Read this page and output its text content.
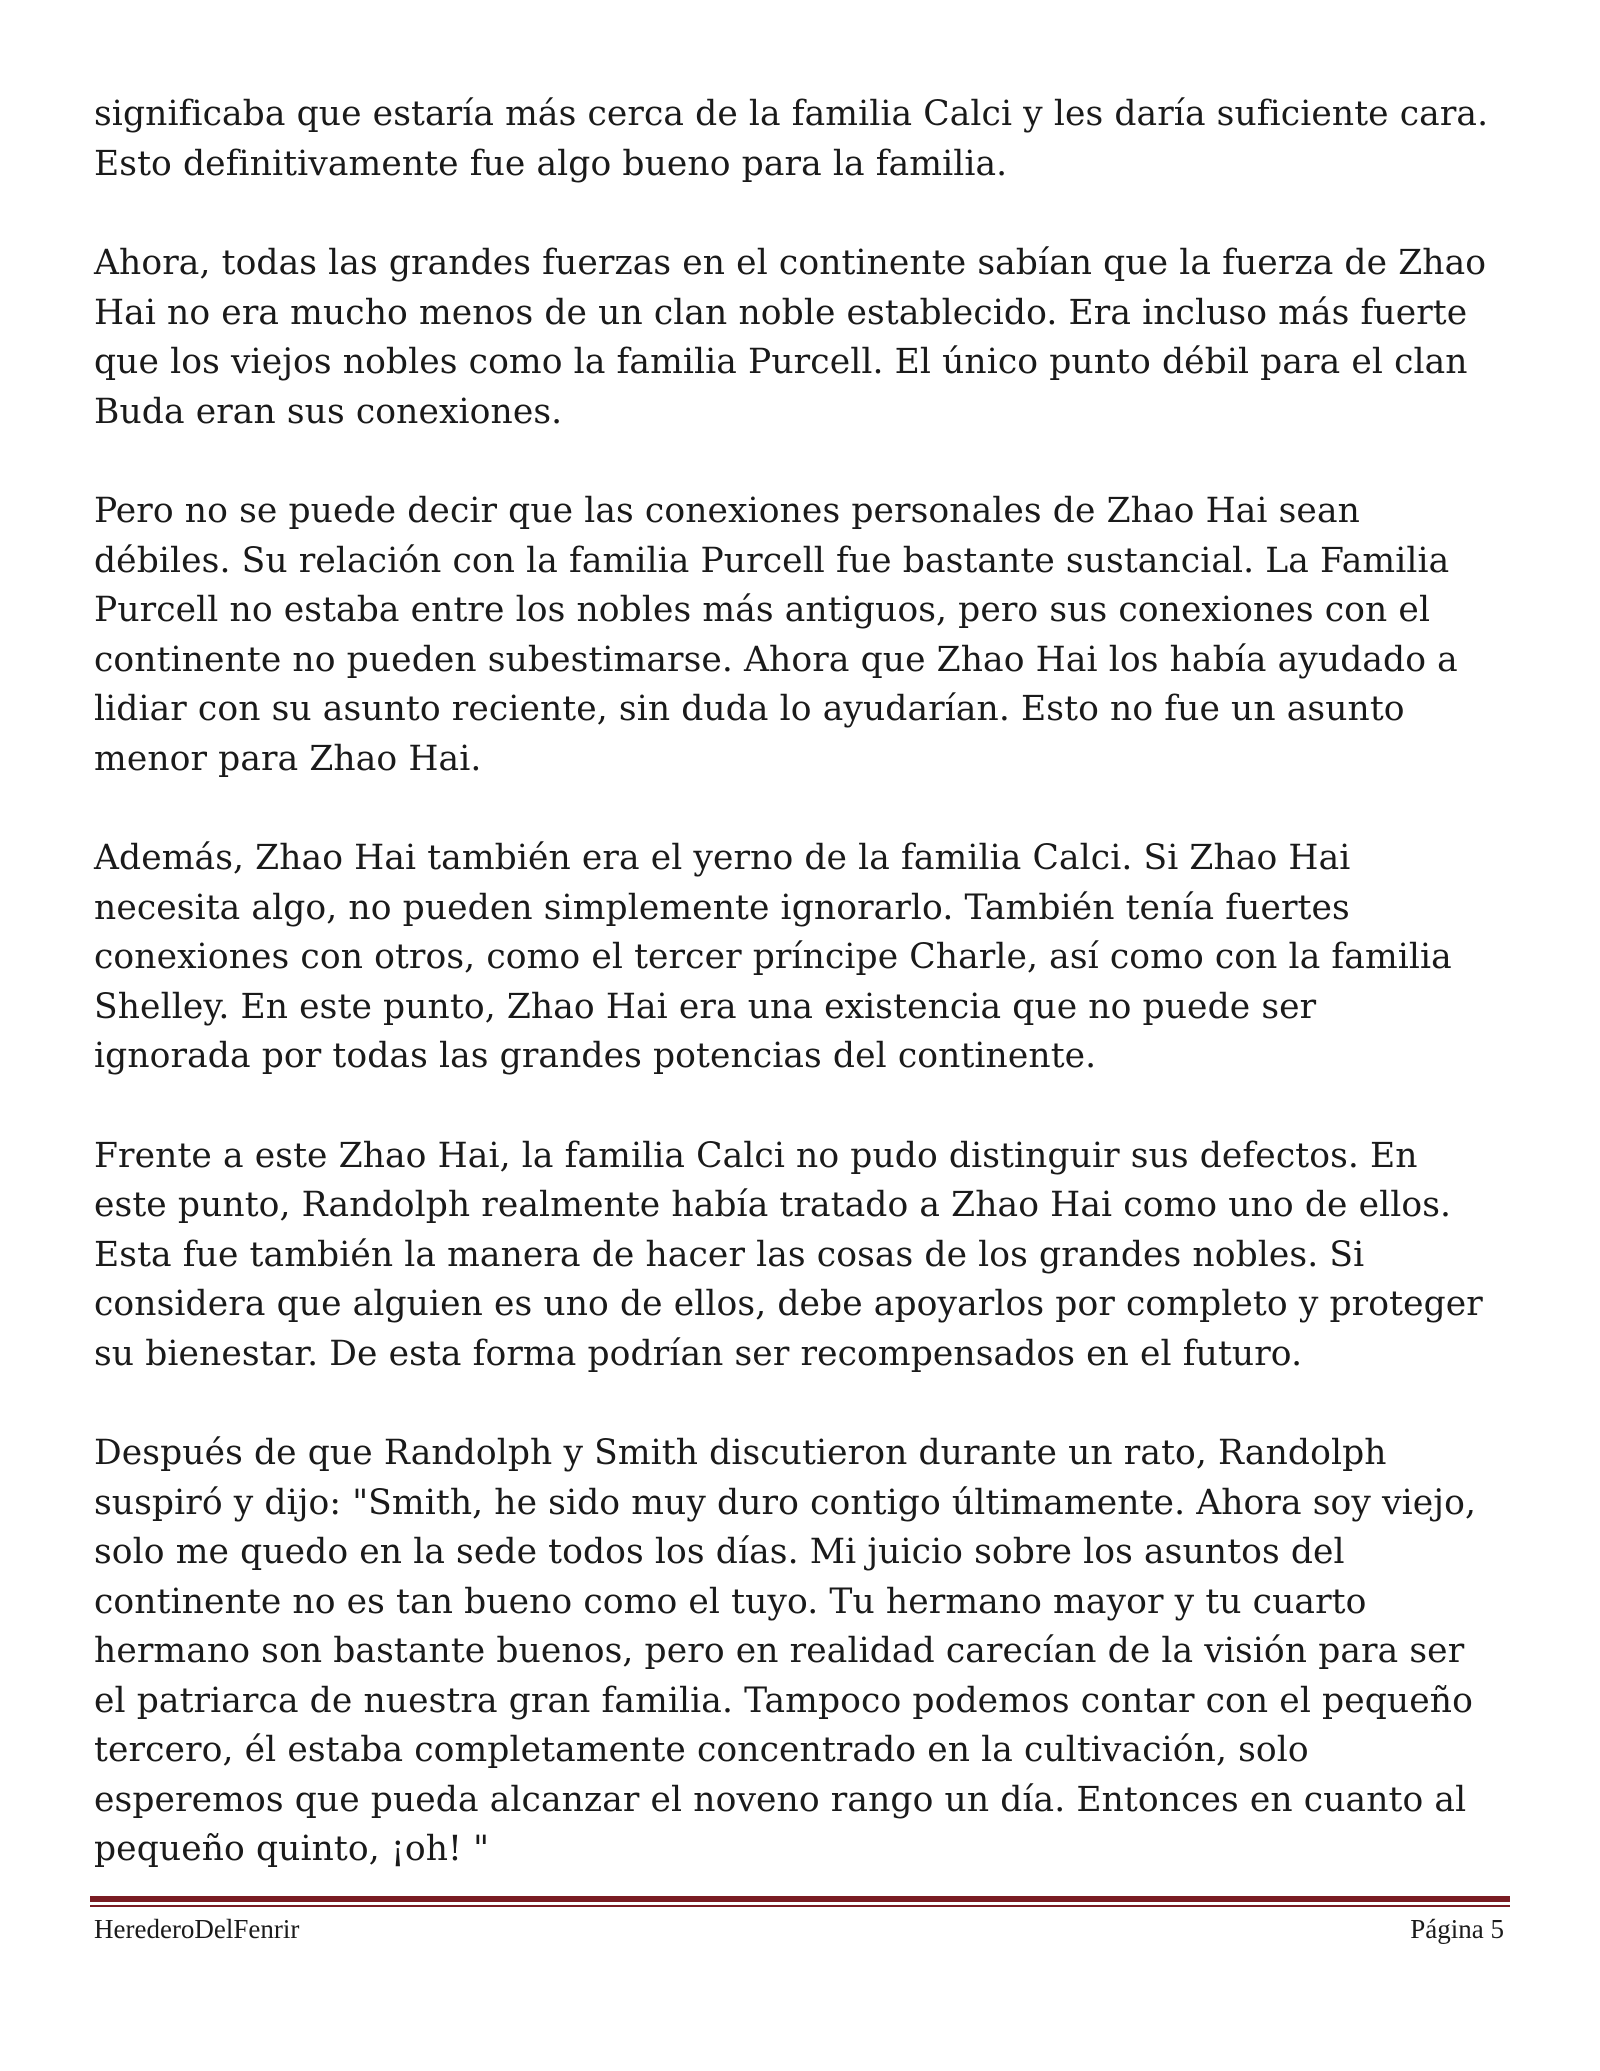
significaba que estaría más cerca de la familia Calci y les daría suficiente cara.
Esto definitivamente fue algo bueno para la familia.

Ahora, todas las grandes fuerzas en el continente sabían que la fuerza de Zhao
Hai no era mucho menos de un clan noble establecido. Era incluso más fuerte
que los viejos nobles como la familia Purcell. El único punto débil para el clan
Buda eran sus conexiones.

Pero no se puede decir que las conexiones personales de Zhao Hai sean
débiles. Su relación con la familia Purcell fue bastante sustancial. La Familia
Purcell no estaba entre los nobles más antiguos, pero sus conexiones con el
continente no pueden subestimarse. Ahora que Zhao Hai los había ayudado a
lidiar con su asunto reciente, sin duda lo ayudarían. Esto no fue un asunto
menor para Zhao Hai.

Además, Zhao Hai también era el yerno de la familia Calci. Si Zhao Hai
necesita algo, no pueden simplemente ignorarlo. También tenía fuertes
conexiones con otros, como el tercer príncipe Charle, así como con la familia
Shelley. En este punto, Zhao Hai era una existencia que no puede ser
ignorada por todas las grandes potencias del continente.

Frente a este Zhao Hai, la familia Calci no pudo distinguir sus defectos. En
este punto, Randolph realmente había tratado a Zhao Hai como uno de ellos.
Esta fue también la manera de hacer las cosas de los grandes nobles. Si
considera que alguien es uno de ellos, debe apoyarlos por completo y proteger
su bienestar. De esta forma podrían ser recompensados en el futuro.

Después de que Randolph y Smith discutieron durante un rato, Randolph
suspiró y dijo: "Smith, he sido muy duro contigo últimamente. Ahora soy viejo,
solo me quedo en la sede todos los días. Mi juicio sobre los asuntos del
continente no es tan bueno como el tuyo. Tu hermano mayor y tu cuarto
hermano son bastante buenos, pero en realidad carecían de la visión para ser
el patriarca de nuestra gran familia. Tampoco podemos contar con el pequeño
tercero, él estaba completamente concentrado en la cultivación, solo
esperemos que pueda alcanzar el noveno rango un día. Entonces en cuanto al
pequeño quinto, ¡oh! "

HerederoDelFenrir	Página 5
